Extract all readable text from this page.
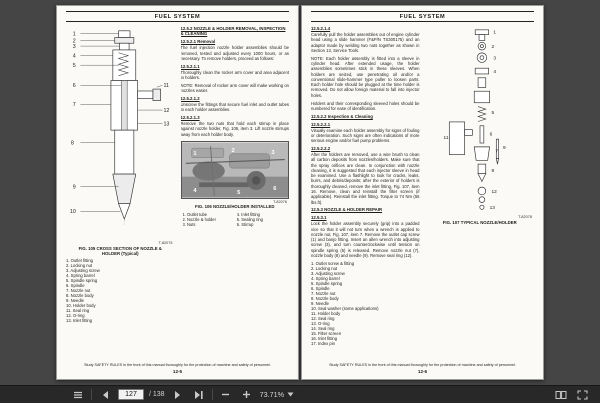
FUEL SYSTEM
1
2
3
4
5
6
7
8
9
10
11
12
13
T-82075
FIG. 105 CROSS SECTION OF NOZZLE & HOLDER (Typical)
1. Outlet fitting
2. Locking nut
3. Adjusting screw
4. Spring barrel
5. Spindle spring
6. Spindle
7. Nozzle nut
8. Nozzle body
9. Needle
10. Holder body
11. Seal ring
12. O-ring
13. Inlet fitting
12.5.2 NOZZLE & HOLDER REMOVAL, INSPECTION & CLEANING
12.5.2.1 Removal
The fuel injection nozzle holder assemblies should be removed, tested and adjusted every 1000 hours, or as necessary. To remove holders, proceed as follows:
12.5.2.1.1
Thoroughly clean the rocker arm cover and area adjacent to holders.
NOTE: Removal of rocker arm cover will make working on nozzles easier.
12.5.2.1.2
Unscrew the fittings that secure fuel inlet and outlet tubes to each holder assemblies.
12.5.2.1.3
Remove the two nuts that hold each stirrup in place against nozzle holder, Fig. 106, item 3. Lift nozzle stirrups away from each holder body.
1	2	3
4	5
6
T-82076
FIG. 106 NOZZLE/HOLDER INSTALLED
1. Outlet tube
2. Nozzle & holder
3. Nuts
4. Inlet fitting
5. Sealing ring
6. Stirrup
Study SAFETY RULES in the front of this manual thoroughly for the protection of machine and safety of personnel.
12-5
FUEL SYSTEM
12.5.2.1.4
Carefully pull the holder assemblies out of engine cylinder head using a slide hammer (F&P/N TS300175) and an adaptor made by welding two nuts together as shown in Section 13, Service Tools.
NOTE: Each holder assembly is fitted into a sleeve in cylinder head. After extended usage, the holder assemblies sometimes stick in these sleeves. When holders are seized, use penetrating oil and/or a conventional slide-hammer type puller to loosen parts. Each holder hole should be plugged at the time holder is removed. Do not allow foreign material to fall into injector holes.
Holders and their corresponding sleeved holes should be numbered for ease of identification.
12.5.2.2 Inspection & Cleaning
12.5.2.2.1
Visually examine each holder assembly for signs of fouling or deterioration. Such signs are often indications of more serious engine and/or fuel pump problems.
12.5.2.2.2
After the holders are removed, use a wire brush to clean all carbon deposits from nozzles/holders. Make sure that the spray orifices are clean. In conjunction with nozzle cleaning, it is suggested that each injector sleeve in head be examined. Use a flashlight to look for cracks, leaks, burrs, and debris/deposits; after the exterior of holders is thoroughly cleaned, remove the inlet fitting, Fig. 107, item 16. Remove, clean and reinstall the filter screen (if applicable). Reinstall the inlet fitting. Torque to 74 Nm (55 lbs.ft).
12.5.3 NOZZLE & HOLDER REPAIR
12.5.3.1
Lock the holder assembly securely (grip) into a padded vice so that it will not turn when a wrench is applied to nozzle nut, Fig. 107, item 7. Remove the outlet cap screw (1) and banjo fitting. Insert an allen wrench into adjusting screw (3), and turn counterclockwise until tension on spindle spring (5) is released. Remove nozzle nut (7), nozzle body (8) and needle (9). Remove seal ring (12).
1. Outlet screw & fitting
2. Locking nut
3. Adjusting screw
4. Spring barrel
5. Spindle spring
6. Spindle
7. Nozzle nut
8. Nozzle body
9. Needle
10. Seal washer (some applications)
11. Holder body
12. Seal ring
13. O-ring
14. Seal ring
15. Filter screen
16. Inlet fitting
17. Index pin
1
2
3
4
5
6
7
8
9
11
12
13
T-82078
FIG. 107 TYPICAL NOZZLE/HOLDER
Study SAFETY RULES in the front of this manual thoroughly for the protection of machine and safety of personnel.
12-6
127
/ 138	73.71%
